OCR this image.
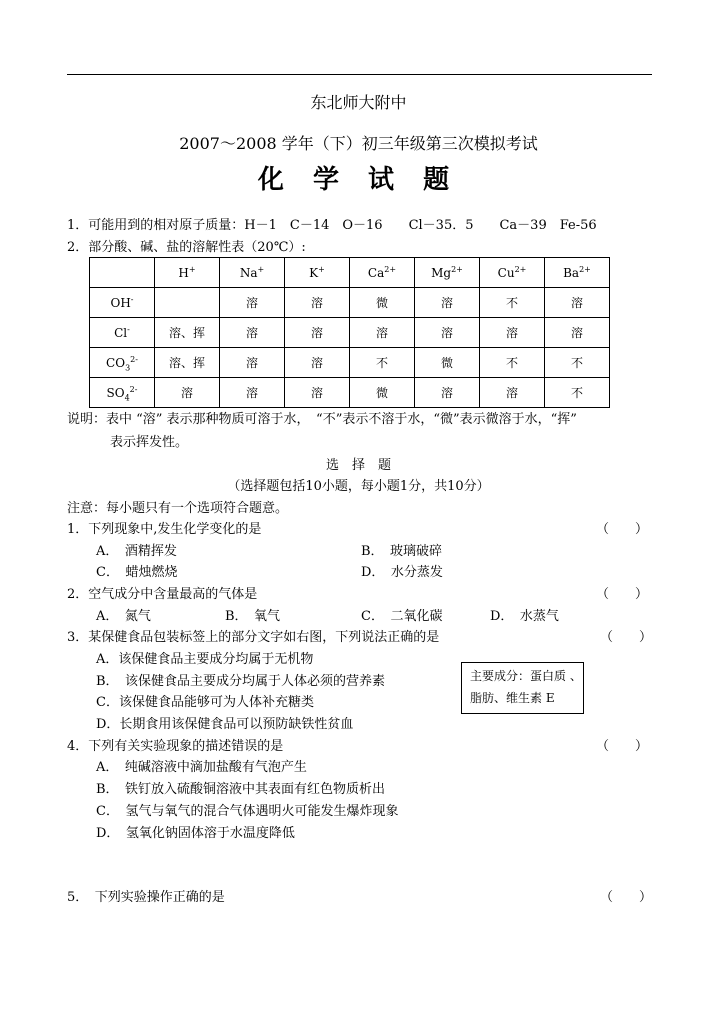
东北师大附中
2007～2008 学年（下）初三年级第三次模拟考试
化 学 试 题
1．可能用到的相对原子质量：H－1　C－14　O－16　　Cl－35．5　　Ca－39　Fe-56
2．部分酸、碱、盐的溶解性表（20℃）:
	H+	Na+	K+	$Ca^{2+}$	$Mg^{2+}$	$Cu^{2+}$	$Ba^{2+}$
OH-		溶	溶	微	溶	不	溶
Cl-	溶、挥	溶	溶	溶	溶	溶	溶
$CO_3^{2-}$	溶、挥	溶	溶	不	微	不	不
$SO_4^{2-}$	溶	溶	溶	微	溶	溶	不
说明：表中 “溶” 表示那种物质可溶于水，　“不”表示不溶于水，“微”表示微溶于水，“挥”
表示挥发性。
选　择　题
（选择题包括10小题，每小题1分，共10分）
注意：每小题只有一个选项符合题意。
1．下列现象中,发生化学变化的是	（　　）
A．　酒精挥发	B．　玻璃破碎
C．　蜡烛燃烧	D．　水分蒸发
2．空气成分中含量最高的气体是	（　　）
A．　氮气	B．　氧气	C．　二氧化碳	D．　水蒸气
3．某保健食品包装标签上的部分文字如右图，下列说法正确的是	（　　）
A．该保健食品主要成分均属于无机物
B．　该保健食品主要成分均属于人体必须的营养素
C．该保健食品能够可为人体补充糖类
D．长期食用该保健食品可以预防缺铁性贫血
主要成分：蛋白质 、
脂肪、维生素 E
4．下列有关实验现象的描述错误的是	（　　）
A．　纯碱溶液中滴加盐酸有气泡产生
B．　铁钉放入硫酸铜溶液中其表面有红色物质析出
C．　氢气与氧气的混合气体遇明火可能发生爆炸现象
D．　氢氧化钠固体溶于水温度降低
5．　下列实验操作正确的是	（　　）
